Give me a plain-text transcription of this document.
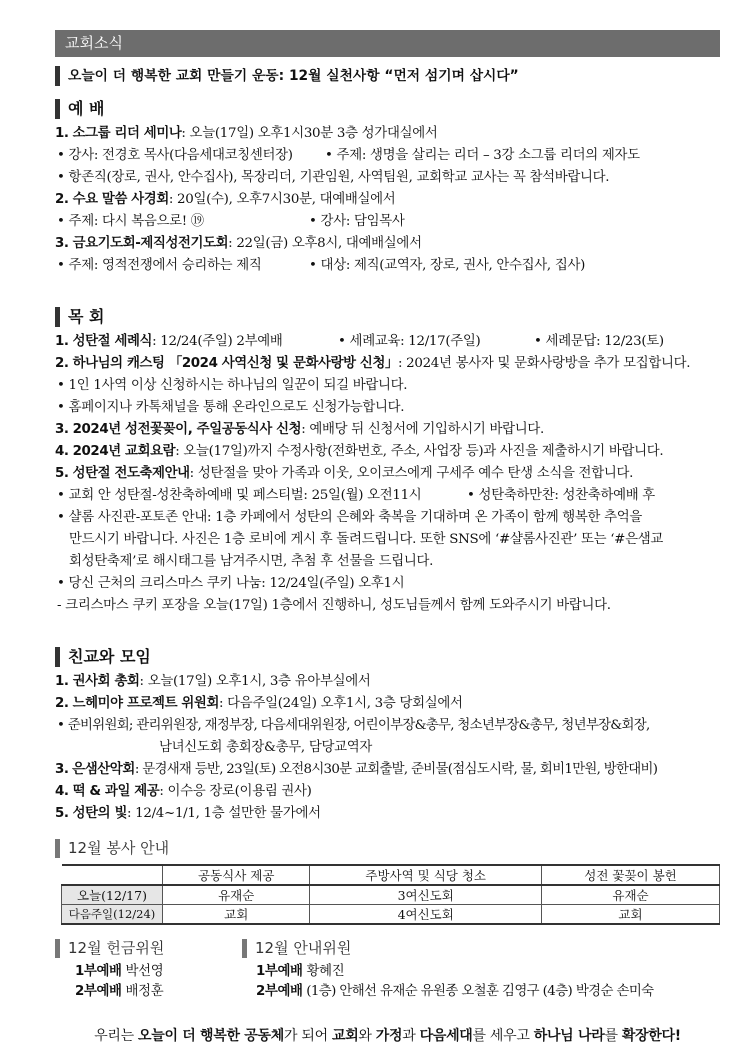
교회소식
오늘이 더 행복한 교회 만들기 운동: 12월 실천사항 “먼저 섬기며 삽시다”
예 배
1. 소그룹 리더 세미나: 오늘(17일) 오후1시30분 3층 성가대실에서
• 강사: 전경호 목사(다음세대코칭센터장) • 주제: 생명을 살리는 리더 – 3강 소그룹 리더의 제자도
• 항존직(장로, 권사, 안수집사), 목장리더, 기관임원, 사역팀원, 교회학교 교사는 꼭 참석바랍니다.
2. 수요 말씀 사경회: 20일(수), 오후7시30분, 대예배실에서
• 주제: 다시 복음으로! ⑲	• 강사: 담임목사
3. 금요기도회-제직성전기도회: 22일(금) 오후8시, 대예배실에서
• 주제: 영적전쟁에서 승리하는 제직	• 대상: 제직(교역자, 장로, 권사, 안수집사, 집사)
목 회
1. 성탄절 세례식: 12/24(주일) 2부예배	• 세례교육: 12/17(주일)	• 세례문답: 12/23(토)
2. 하나님의 캐스팅 「2024 사역신청 및 문화사랑방 신청」: 2024년 봉사자 및 문화사랑방을 추가 모집합니다.
• 1인 1사역 이상 신청하시는 하나님의 일꾼이 되길 바랍니다.
• 홈페이지나 카톡채널을 통해 온라인으로도 신청가능합니다.
3. 2024년 성전꽃꽂이, 주일공동식사 신청: 예배당 뒤 신청서에 기입하시기 바랍니다.
4. 2024년 교회요람: 오늘(17일)까지 수정사항(전화번호, 주소, 사업장 등)과 사진을 제출하시기 바랍니다.
5. 성탄절 전도축제안내: 성탄절을 맞아 가족과 이웃, 오이코스에게 구세주 예수 탄생 소식을 전합니다.
• 교회 안 성탄절-성찬축하예배 및 페스티벌: 25일(월) 오전11시	• 성탄축하만찬: 성찬축하예배 후
• 샬롬 사진관-포토존 안내: 1층 카페에서 성탄의 은혜와 축복을 기대하며 온 가족이 함께 행복한 추억을
만드시기 바랍니다. 사진은 1층 로비에 게시 후 돌려드립니다. 또한 SNS에 ‘#샬롬사진관’ 또는 ‘#은샘교
회성탄축제’로 해시태그를 남겨주시면, 추첨 후 선물을 드립니다.
• 당신 근처의 크리스마스 쿠키 나눔: 12/24일(주일) 오후1시
- 크리스마스 쿠키 포장을 오늘(17일) 1층에서 진행하니, 성도님들께서 함께 도와주시기 바랍니다.
친교와 모임
1. 권사회 총회: 오늘(17일) 오후1시, 3층 유아부실에서
2. 느헤미야 프로젝트 위원회: 다음주일(24일) 오후1시, 3층 당회실에서
• 준비위원회; 관리위원장, 재정부장, 다음세대위원장, 어린이부장&총무, 청소년부장&총무, 청년부장&회장,
남녀신도회 총회장&총무, 담당교역자
3. 은샘산악회: 문경새재 등반, 23일(토) 오전8시30분 교회출발, 준비물(점심도시락, 물, 회비1만원, 방한대비)
4. 떡 & 과일 제공: 이수응 장로(이용림 권사)
5. 성탄의 빛: 12/4~1/1, 1층 설만한 물가에서
12월 봉사 안내
	공동식사 제공	주방사역 및 식당 청소	성전 꽃꽂이 봉헌
오늘(12/17)	유재순	3여신도회	유재순
다음주일(12/24)	교회	4여신도회	교회
12월 헌금위원
1부예배 박선영
2부예배 배정훈
12월 안내위원
1부예배 황혜진
2부예배 (1층) 안해선 유재순 유원종 오철훈 김영구 (4층) 박경순 손미숙
우리는 오늘이 더 행복한 공동체가 되어 교회와 가정과 다음세대를 세우고 하나님 나라를 확장한다!
